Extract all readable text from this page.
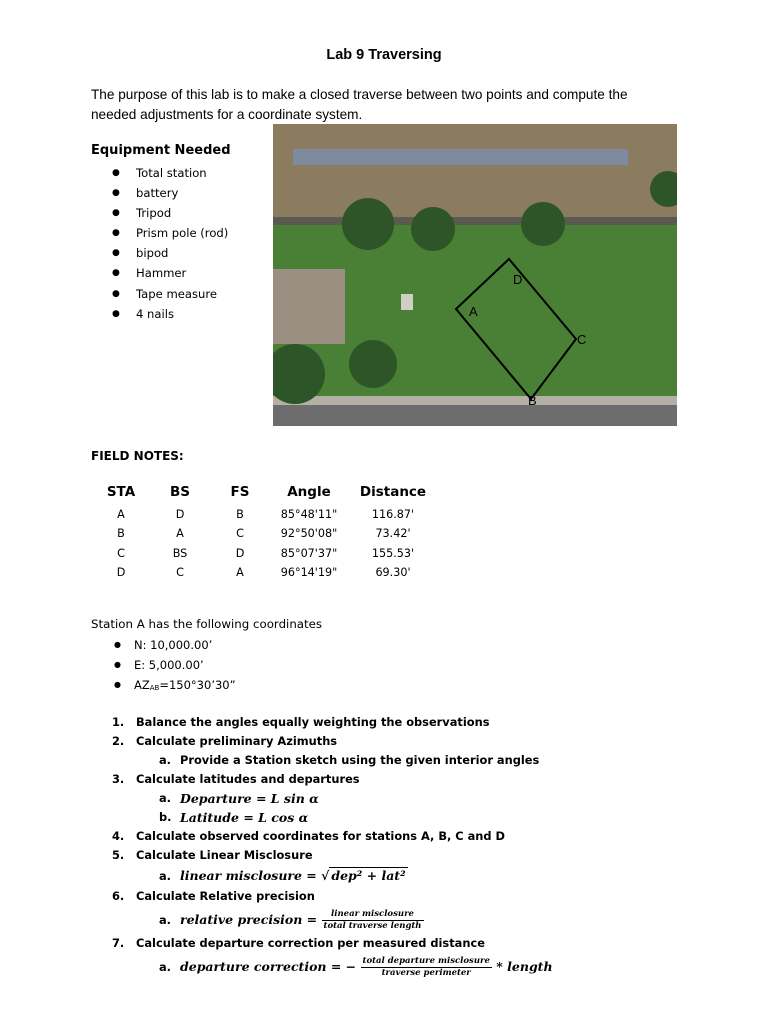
Lab 9 Traversing
The purpose of this lab is to make a closed traverse between two points and compute the needed adjustments for a coordinate system.
Equipment Needed
● Total station
● battery
● Tripod
● Prism pole (rod)
● bipod
● Hammer
● Tape measure
● 4 nails	A
D
C
B
FIELD NOTES:
STA	BS	FS	Angle	Distance
A	D	B	85°48'11"	116.87'
B	A	C	92°50'08"	73.42'
C	BS	D	85°07'37"	155.53'
D	C	A	96°14'19"	69.30'
Station A has the following coordinates
● N: 10,000.00’
● E: 5,000.00’
● AZAB=150°30’30”
1.	Balance the angles equally weighting the observations
2.	Calculate preliminary Azimuths
a. Provide a Station sketch using the given interior angles
3.	Calculate latitudes and departures
a. Departure = L sin α
b. Latitude = L cos α
4.	Calculate observed coordinates for stations A, B, C and D
5.	Calculate Linear Misclosure
a. linear misclosure = √ dep² + lat²
6.	Calculate Relative precision
a. relative precision = $\frac{\text{linear misclosure}}{\text{total traverse length}}$
7.	Calculate departure correction per measured distance
a. departure correction = − $\frac{\text{total departure misclosure}}{\text{traverse perimeter}}$ * length
